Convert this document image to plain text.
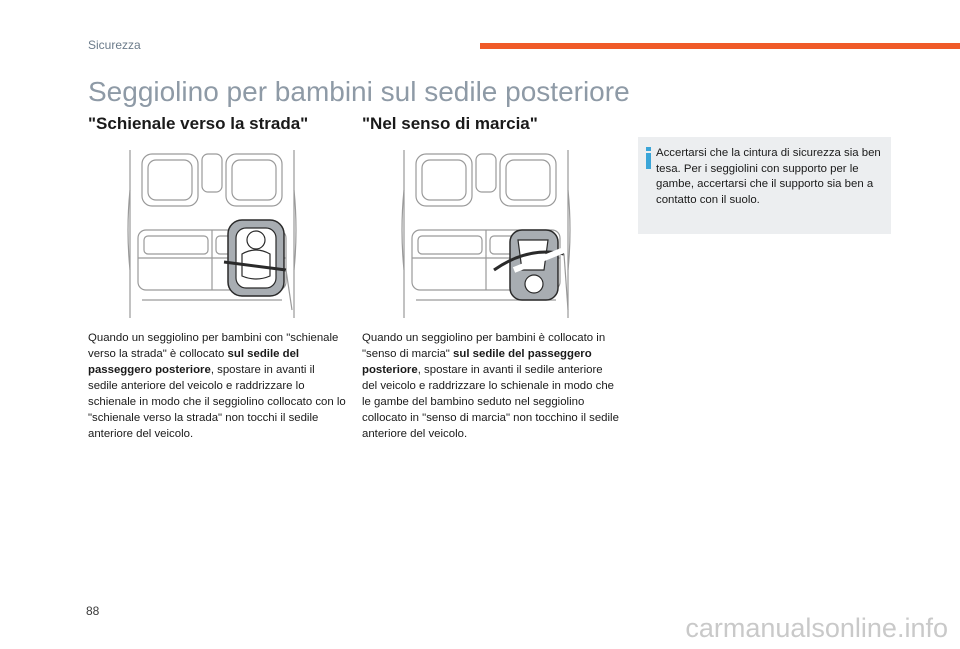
Sicurezza
Seggiolino per bambini sul sedile posteriore
"Schienale verso la strada"
Quando un seggiolino per bambini con "schienale verso la strada" è collocato sul sedile del passeggero posteriore, spostare in avanti il sedile anteriore del veicolo e raddrizzare lo schienale in modo che il seggiolino collocato con lo "schienale verso la strada" non tocchi il sedile anteriore del veicolo.
"Nel senso di marcia"
Quando un seggiolino per bambini è collocato in "senso di marcia" sul sedile del passeggero posteriore, spostare in avanti il sedile anteriore del veicolo e raddrizzare lo schienale in modo che le gambe del bambino seduto nel seggiolino collocato in "senso di marcia" non tocchino il sedile anteriore del veicolo.
Accertarsi che la cintura di sicurezza sia ben tesa. Per i seggiolini con supporto per le gambe, accertarsi che il supporto sia ben a contatto con il suolo.
88
carmanualsonline.info
